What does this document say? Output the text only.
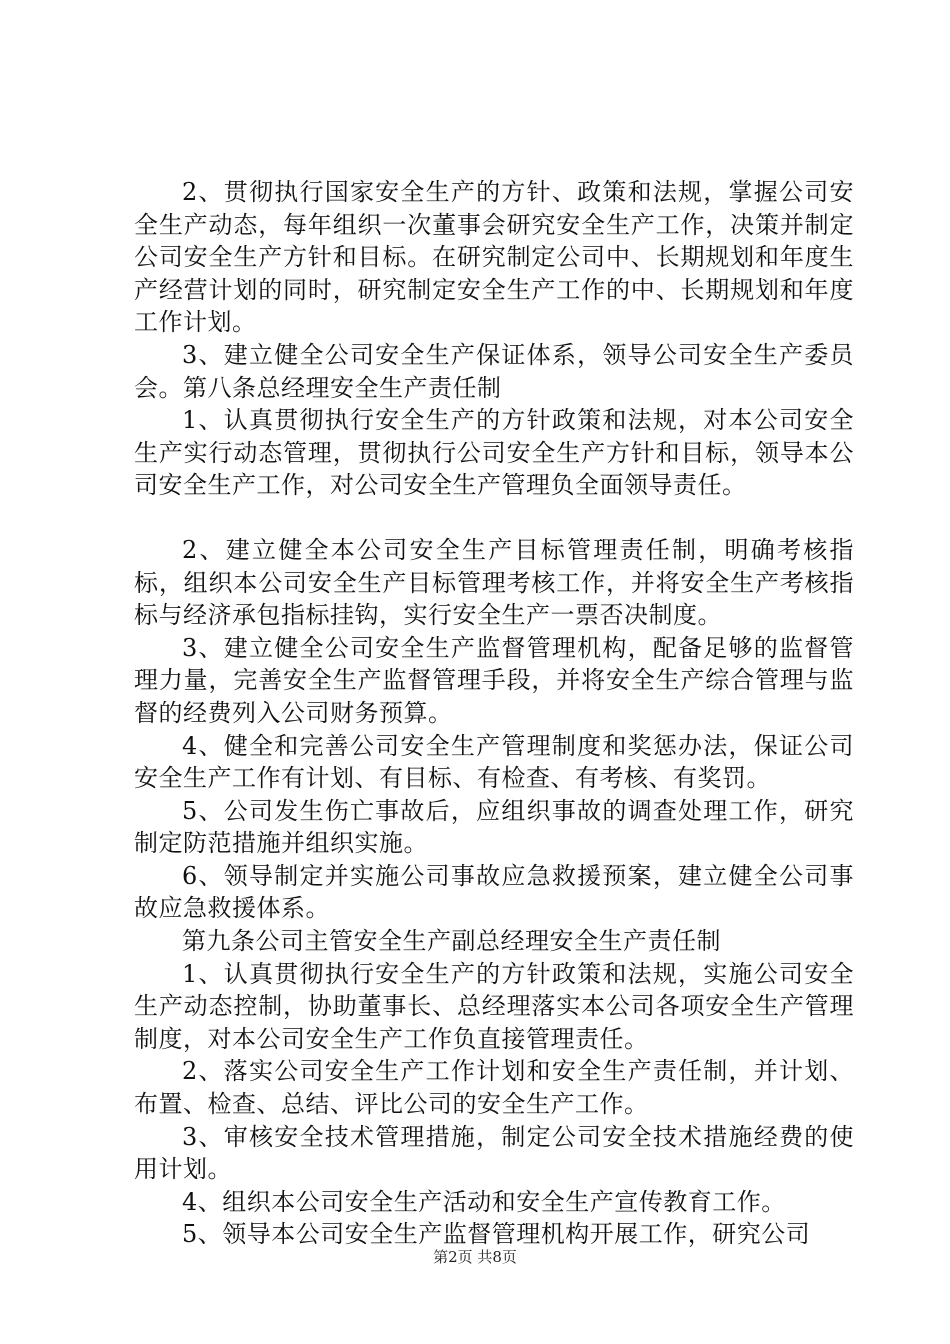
2、贯彻执行国家安全生产的方针、政策和法规，掌握公司安全生产动态，每年组织一次董事会研究安全生产工作，决策并制定公司安全生产方针和目标。在研究制定公司中、长期规划和年度生产经营计划的同时，研究制定安全生产工作的中、长期规划和年度工作计划。

3、建立健全公司安全生产保证体系，领导公司安全生产委员会。第八条总经理安全生产责任制

1、认真贯彻执行安全生产的方针政策和法规，对本公司安全生产实行动态管理，贯彻执行公司安全生产方针和目标，领导本公司安全生产工作，对公司安全生产管理负全面领导责任。

2、建立健全本公司安全生产目标管理责任制，明确考核指标，组织本公司安全生产目标管理考核工作，并将安全生产考核指标与经济承包指标挂钩，实行安全生产一票否决制度。

3、建立健全公司安全生产监督管理机构，配备足够的监督管理力量，完善安全生产监督管理手段，并将安全生产综合管理与监督的经费列入公司财务预算。

4、健全和完善公司安全生产管理制度和奖惩办法，保证公司安全生产工作有计划、有目标、有检查、有考核、有奖罚。

5、公司发生伤亡事故后，应组织事故的调查处理工作，研究制定防范措施并组织实施。

6、领导制定并实施公司事故应急救援预案，建立健全公司事故应急救援体系。

第九条公司主管安全生产副总经理安全生产责任制

1、认真贯彻执行安全生产的方针政策和法规，实施公司安全生产动态控制，协助董事长、总经理落实本公司各项安全生产管理制度，对本公司安全生产工作负直接管理责任。

2、落实公司安全生产工作计划和安全生产责任制，并计划、布置、检查、总结、评比公司的安全生产工作。

3、审核安全技术管理措施，制定公司安全技术措施经费的使用计划。

4、组织本公司安全生产活动和安全生产宣传教育工作。

5、领导本公司安全生产监督管理机构开展工作，研究公司

第2页 共8页
